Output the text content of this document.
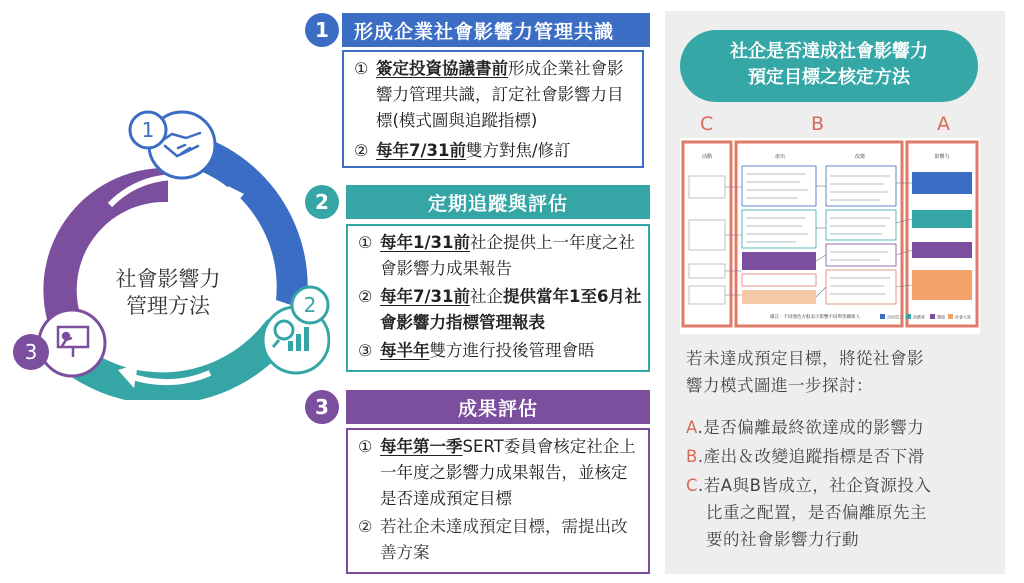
1
2
3
社會影響力
管理方法
1	形成企業社會影響力管理共識
① 簽定投資協議書前形成企業社會影響力管理共識，訂定社會影響力目標(模式圖與追蹤指標)
② 每年7/31前雙方對焦/修訂
2	定期追蹤與評估
① 每年1/31前社企提供上一年度之社會影響力成果報告
② 每年7/31前社企提供當年1至6月社會影響力指標管理報表
③ 每半年雙方進行投後管理會晤
3	成果評估
① 每年第一季SERT委員會核定社企上一年度之影響力成果報告，並核定是否達成預定目標
② 若社企未達成預定目標，需提出改善方案
社企是否達成社會影響力
預定目標之核定方法
C	B	A
活動	產出	改變	影響力
備註：不同顏色方框表示影響不同利害關係人	自付員工	消費者	環境	社會大眾
若未達成預定目標，將從社會影
響力模式圖進一步探討：
A.是否偏離最終欲達成的影響力
B.產出＆改變追蹤指標是否下滑
C.若A與B皆成立，社企資源投入
比重之配置，是否偏離原先主
要的社會影響力行動
